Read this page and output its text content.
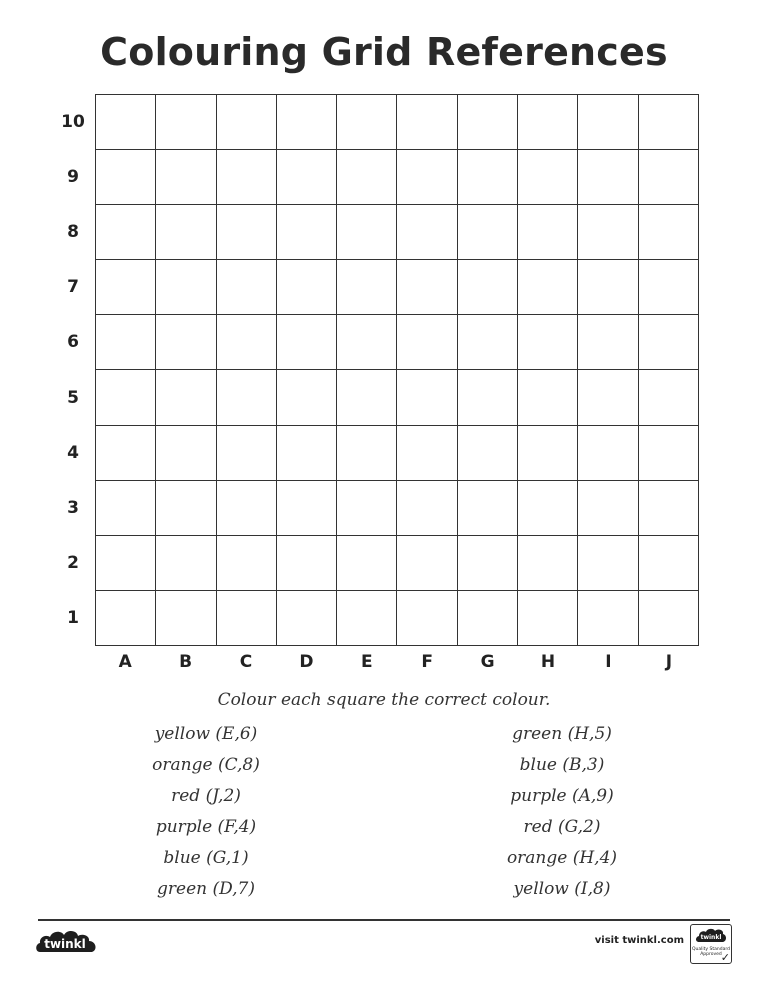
Colouring Grid References
10
9
8
7
6
5
4
3
2
1
A	B	C	D	E	F	G	H	I	J
Colour each square the correct colour.
yellow (E,6)
orange (C,8)
red (J,2)
purple (F,4)
blue (G,1)
green (D,7)
green (H,5)
blue (B,3)
purple (A,9)
red (G,2)
orange (H,4)
yellow (I,8)
twinkl	visit twinkl.com	twinkl
Quality Standard Approved
✓
